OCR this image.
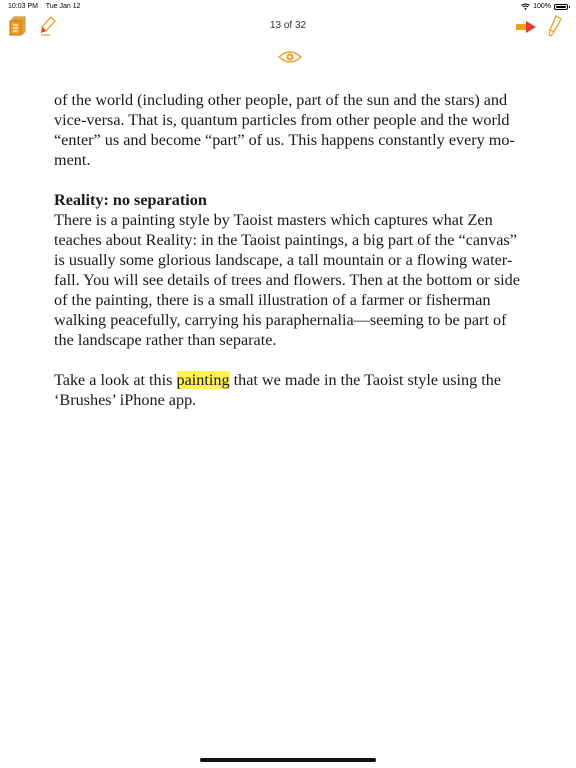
10:03 PM Tue Jan 12	100%
13 of 32

of the world (including other people, part of the sun and the stars) and vice-versa. That is, quantum particles from other people and the world “enter” us and become “part” of us. This happens constantly every mo-ment.

Reality: no separation

There is a painting style by Taoist masters which captures what Zen teaches about Reality: in the Taoist paintings, a big part of the “canvas” is usually some glorious landscape, a tall mountain or a flowing water-fall. You will see details of trees and flowers. Then at the bottom or side of the painting, there is a small illustration of a farmer or fisherman walking peacefully, carrying his paraphernalia—seeming to be part of the landscape rather than separate.

Take a look at this painting that we made in the Taoist style using the ‘Brushes’ iPhone app.
